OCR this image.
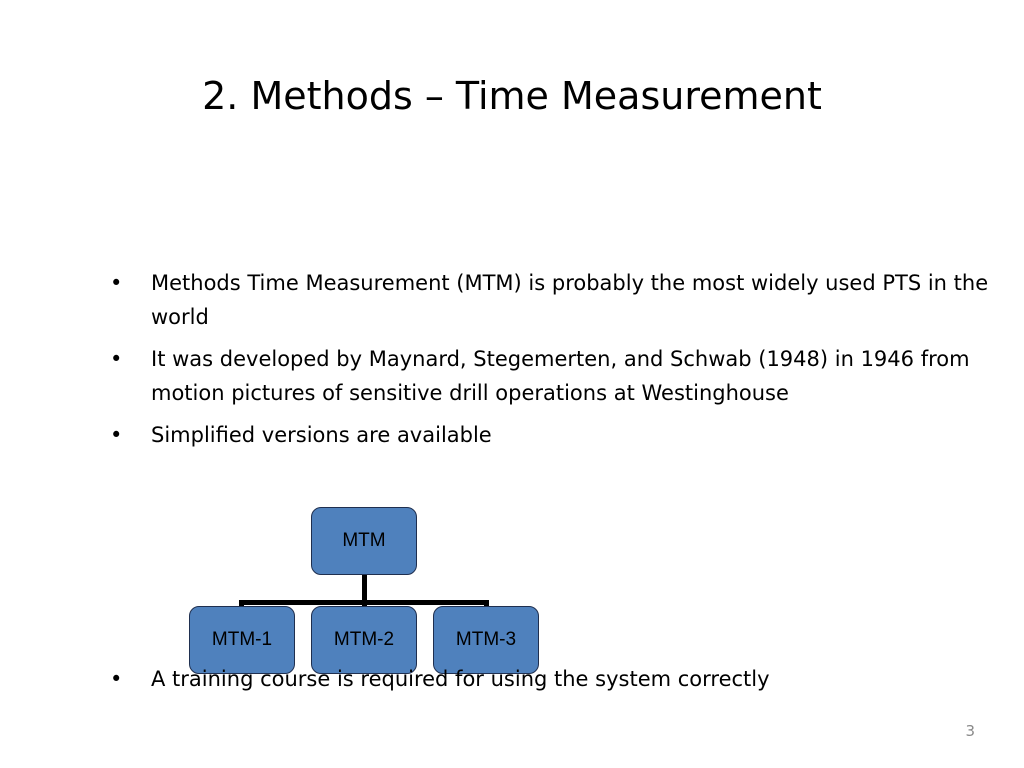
2. Methods – Time Measurement
• Methods Time Measurement (MTM) is probably the most widely used PTS in the world
• It was developed by Maynard, Stegemerten, and Schwab (1948) in 1946 from motion pictures of sensitive drill operations at Westinghouse
• Simplified versions are available
MTM
MTM-1	MTM-2	MTM-3
• A training course is required for using the system correctly
3
